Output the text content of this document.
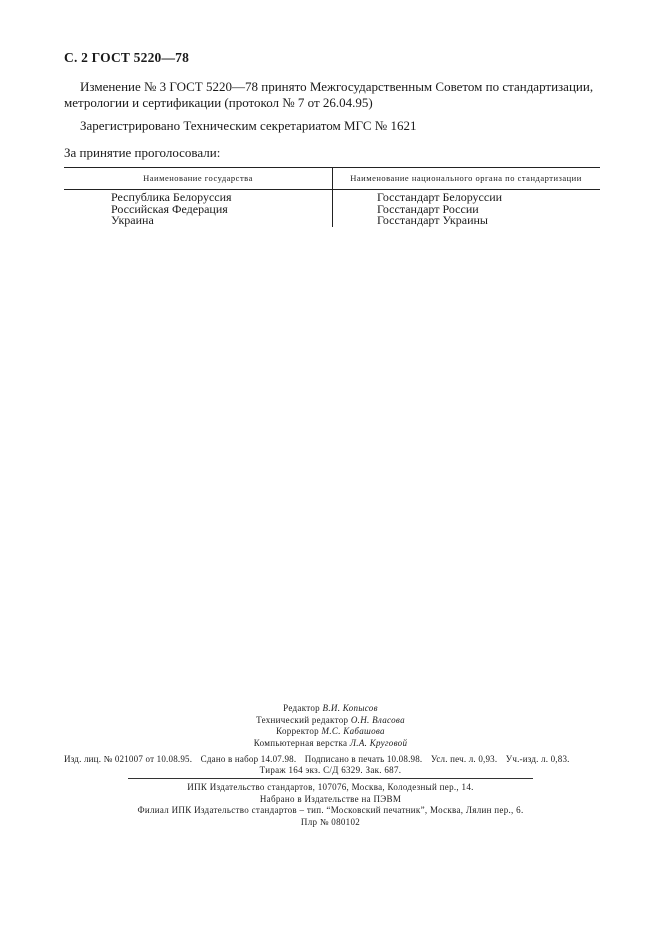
С. 2 ГОСТ 5220—78
Изменение № 3 ГОСТ 5220—78 принято Межгосударственным Советом по стандартизации, метрологии и сертификации (протокол № 7 от 26.04.95)
Зарегистрировано Техническим секретариатом МГС № 1621
За принятие проголосовали:
Наименование государства	Наименование национального органа по стандартизации
Республика Белоруссия
Российская Федерация
Украина
Госстандарт Белоруссии
Госстандарт России
Госстандарт Украины
Редактор В.И. Копысов
Технический редактор О.Н. Власова
Корректор М.С. Кабашова
Компьютерная верстка Л.А. Круговой
Изд. лиц. № 021007 от 10.08.95. Сдано в набор 14.07.98. Подписано в печать 10.08.98. Усл. печ. л. 0,93. Уч.-изд. л. 0,83.
Тираж 164 экз. С/Д 6329. Зак. 687.
ИПК Издательство стандартов, 107076, Москва, Колодезный пер., 14.
Набрано в Издательстве на ПЭВМ
Филиал ИПК Издательство стандартов – тип. “Московский печатник”, Москва, Лялин пер., 6.
Плр № 080102
